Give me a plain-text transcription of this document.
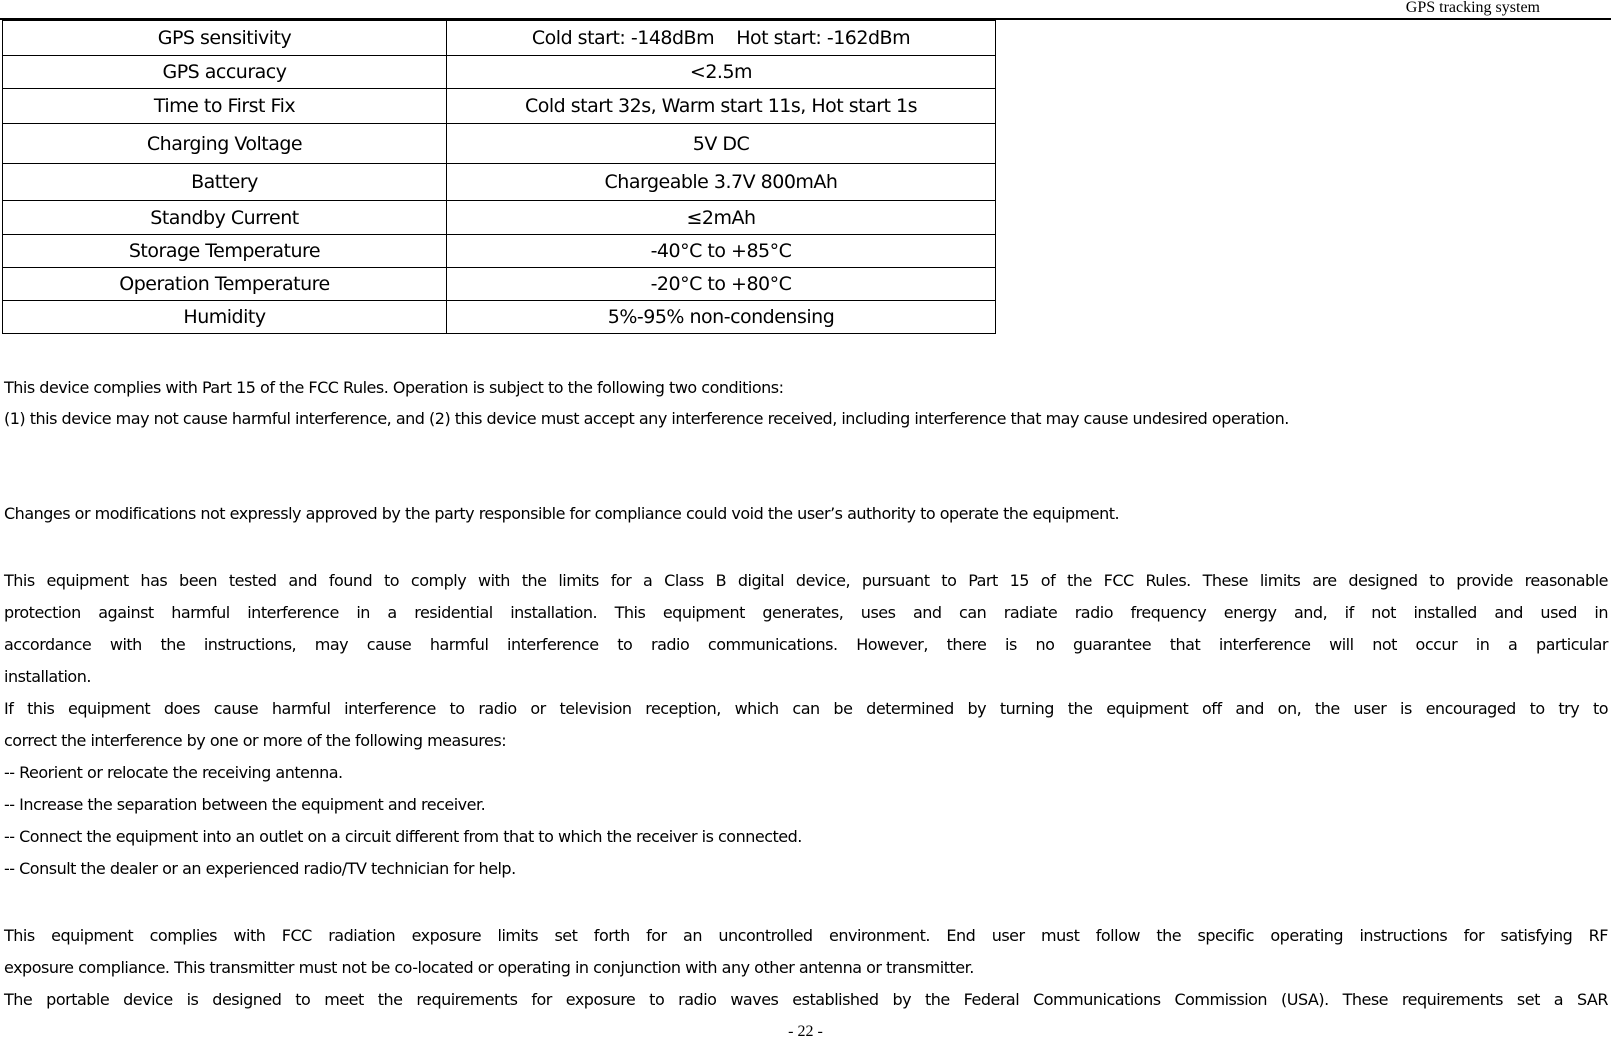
GPS tracking system
GPS sensitivity	Cold start: -148dBm    Hot start: -162dBm
GPS accuracy	<2.5m
Time to First Fix	Cold start 32s, Warm start 11s, Hot start 1s
Charging Voltage	5V DC
Battery	Chargeable 3.7V 800mAh
Standby Current	≤2mAh
Storage Temperature	-40°C to +85°C
Operation Temperature	-20°C to +80°C
Humidity	5%-95% non-condensing
This device complies with Part 15 of the FCC Rules. Operation is subject to the following two conditions:
(1) this device may not cause harmful interference, and (2) this device must accept any interference received, including interference that may cause undesired operation.
Changes or modifications not expressly approved by the party responsible for compliance could void the user’s authority to operate the equipment.
This equipment has been tested and found to comply with the limits for a Class B digital device, pursuant to Part 15 of the FCC Rules. These limits are designed to provide reasonable
protection against harmful interference in a residential installation. This equipment generates, uses and can radiate radio frequency energy and, if not installed and used in
accordance with the instructions, may cause harmful interference to radio communications. However, there is no guarantee that interference will not occur in a particular
installation.
If this equipment does cause harmful interference to radio or television reception, which can be determined by turning the equipment off and on, the user is encouraged to try to
correct the interference by one or more of the following measures:
-- Reorient or relocate the receiving antenna.
-- Increase the separation between the equipment and receiver.
-- Connect the equipment into an outlet on a circuit different from that to which the receiver is connected.
-- Consult the dealer or an experienced radio/TV technician for help.
This equipment complies with FCC radiation exposure limits set forth for an uncontrolled environment. End user must follow the specific operating instructions for satisfying RF
exposure compliance. This transmitter must not be co-located or operating in conjunction with any other antenna or transmitter.
The portable device is designed to meet the requirements for exposure to radio waves established by the Federal Communications Commission (USA). These requirements set a SAR
- 22 -
